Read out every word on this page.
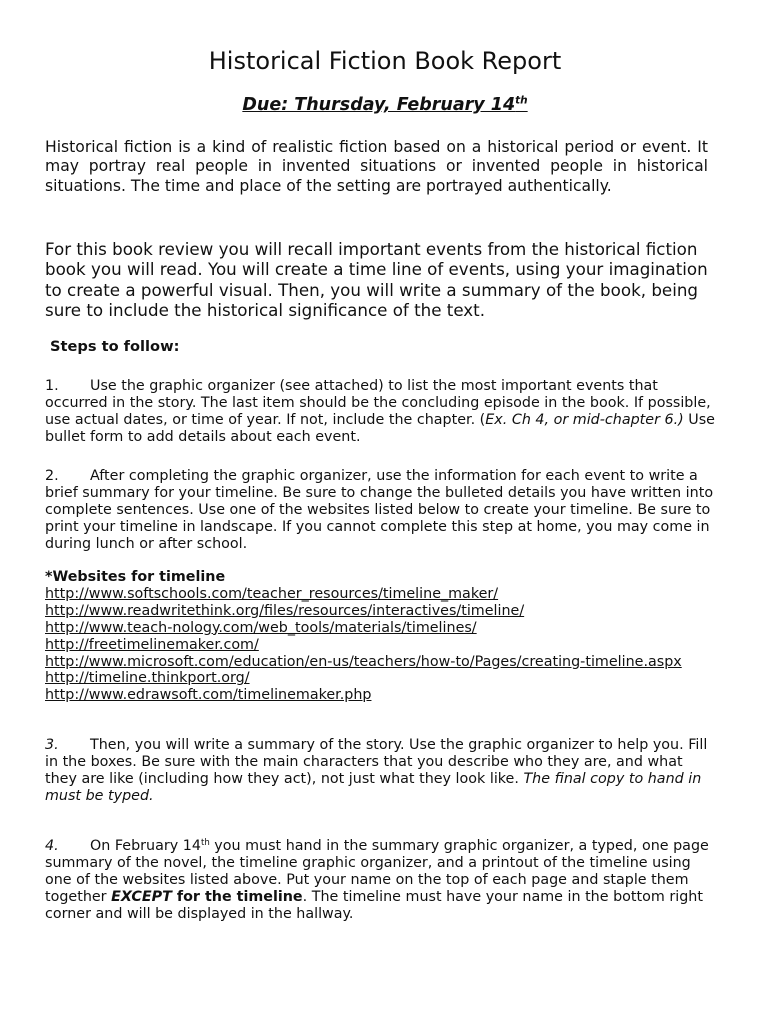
Historical Fiction Book Report
Due: Thursday, February 14th

Historical fiction is a kind of realistic fiction based on a historical period or event. It may portray real people in invented situations or invented people in historical situations. The time and place of the setting are portrayed authentically.

For this book review you will recall important events from the historical fiction book you will read. You will create a time line of events, using your imagination to create a powerful visual. Then, you will write a summary of the book, being sure to include the historical significance of the text.

Steps to follow:

1. Use the graphic organizer (see attached) to list the most important events that occurred in the story. The last item should be the concluding episode in the book. If possible, use actual dates, or time of year. If not, include the chapter. (Ex. Ch 4, or mid-chapter 6.) Use bullet form to add details about each event.

2. After completing the graphic organizer, use the information for each event to write a brief summary for your timeline. Be sure to change the bulleted details you have written into complete sentences. Use one of the websites listed below to create your timeline. Be sure to print your timeline in landscape. If you cannot complete this step at home, you may come in during lunch or after school.

*Websites for timeline
http://www.softschools.com/teacher_resources/timeline_maker/
http://www.readwritethink.org/files/resources/interactives/timeline/
http://www.teach-nology.com/web_tools/materials/timelines/
http://freetimelinemaker.com/
http://www.microsoft.com/education/en-us/teachers/how-to/Pages/creating-timeline.aspx
http://timeline.thinkport.org/
http://www.edrawsoft.com/timelinemaker.php

3. Then, you will write a summary of the story. Use the graphic organizer to help you. Fill in the boxes. Be sure with the main characters that you describe who they are, and what they are like (including how they act), not just what they look like. The final copy to hand in must be typed.

4. On February 14th you must hand in the summary graphic organizer, a typed, one page summary of the novel, the timeline graphic organizer, and a printout of the timeline using one of the websites listed above. Put your name on the top of each page and staple them together EXCEPT for the timeline. The timeline must have your name in the bottom right corner and will be displayed in the hallway.
